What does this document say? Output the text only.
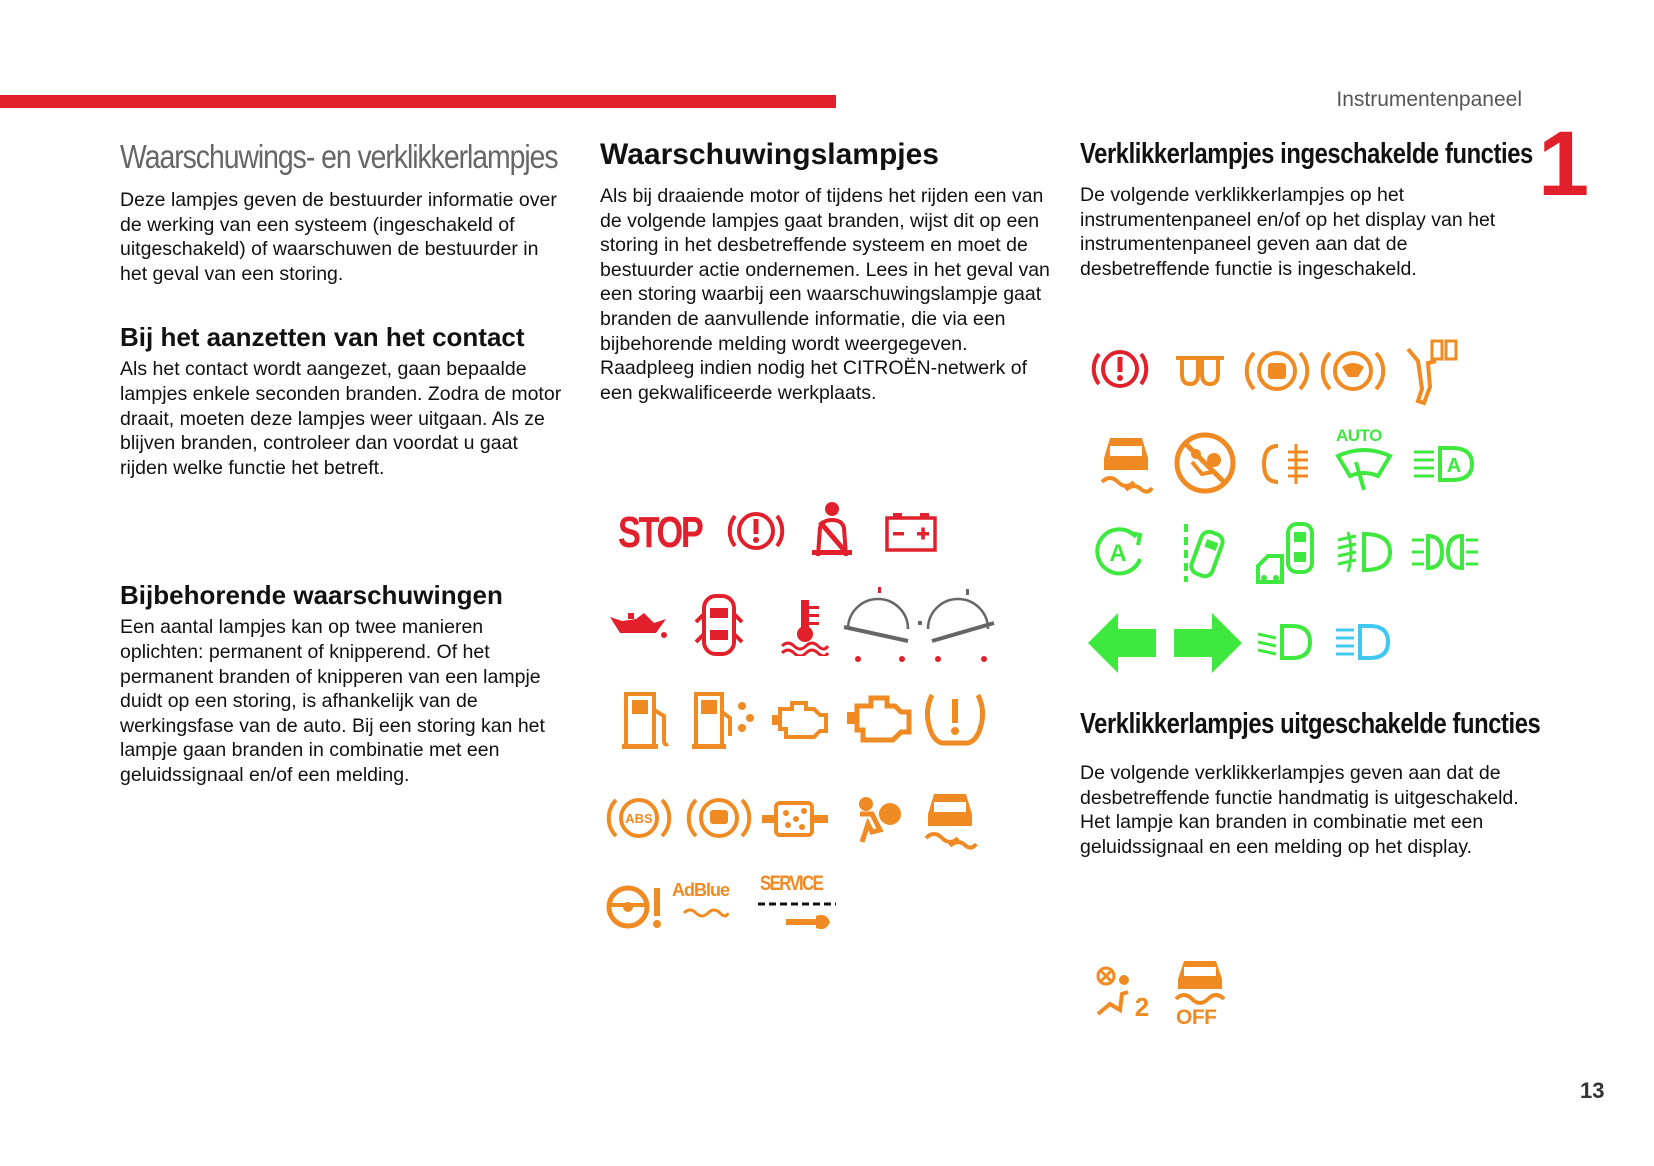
Instrumentenpaneel
1
13
Waarschuwings- en verklikkerlampjes

Deze lampjes geven de bestuurder informatie over de werking van een systeem (ingeschakeld of uitgeschakeld) of waarschuwen de bestuurder in het geval van een storing.

Bij het aanzetten van het contact

Als het contact wordt aangezet, gaan bepaalde lampjes enkele seconden branden. Zodra de motor draait, moeten deze lampjes weer uitgaan. Als ze blijven branden, controleer dan voordat u gaat rijden welke functie het betreft.

Bijbehorende waarschuwingen

Een aantal lampjes kan op twee manieren oplichten: permanent of knipperend. Of het permanent branden of knipperen van een lampje duidt op een storing, is afhankelijk van de werkingsfase van de auto. Bij een storing kan het lampje gaan branden in combinatie met een geluidssignaal en/of een melding.

Waarschuwingslampjes

Als bij draaiende motor of tijdens het rijden een van de volgende lampjes gaat branden, wijst dit op een storing in het desbetreffende systeem en moet de bestuurder actie ondernemen. Lees in het geval van een storing waarbij een waarschuwingslampje gaat branden de aanvullende informatie, die via een bijbehorende melding wordt weergegeven. Raadpleeg indien nodig het CITROËN-netwerk of een gekwalificeerde werkplaats.

Verklikkerlampjes ingeschakelde functies

De volgende verklikkerlampjes op het instrumentenpaneel en/of op het display van het instrumentenpaneel geven aan dat de desbetreffende functie is ingeschakeld.

Verklikkerlampjes uitgeschakelde functies

De volgende verklikkerlampjes geven aan dat de desbetreffende functie handmatig is uitgeschakeld. Het lampje kan branden in combinatie met een geluidssignaal en een melding op het display.

STOP
ABS
AdBlue SERVICE
AUTO
A
A
2 OFF
